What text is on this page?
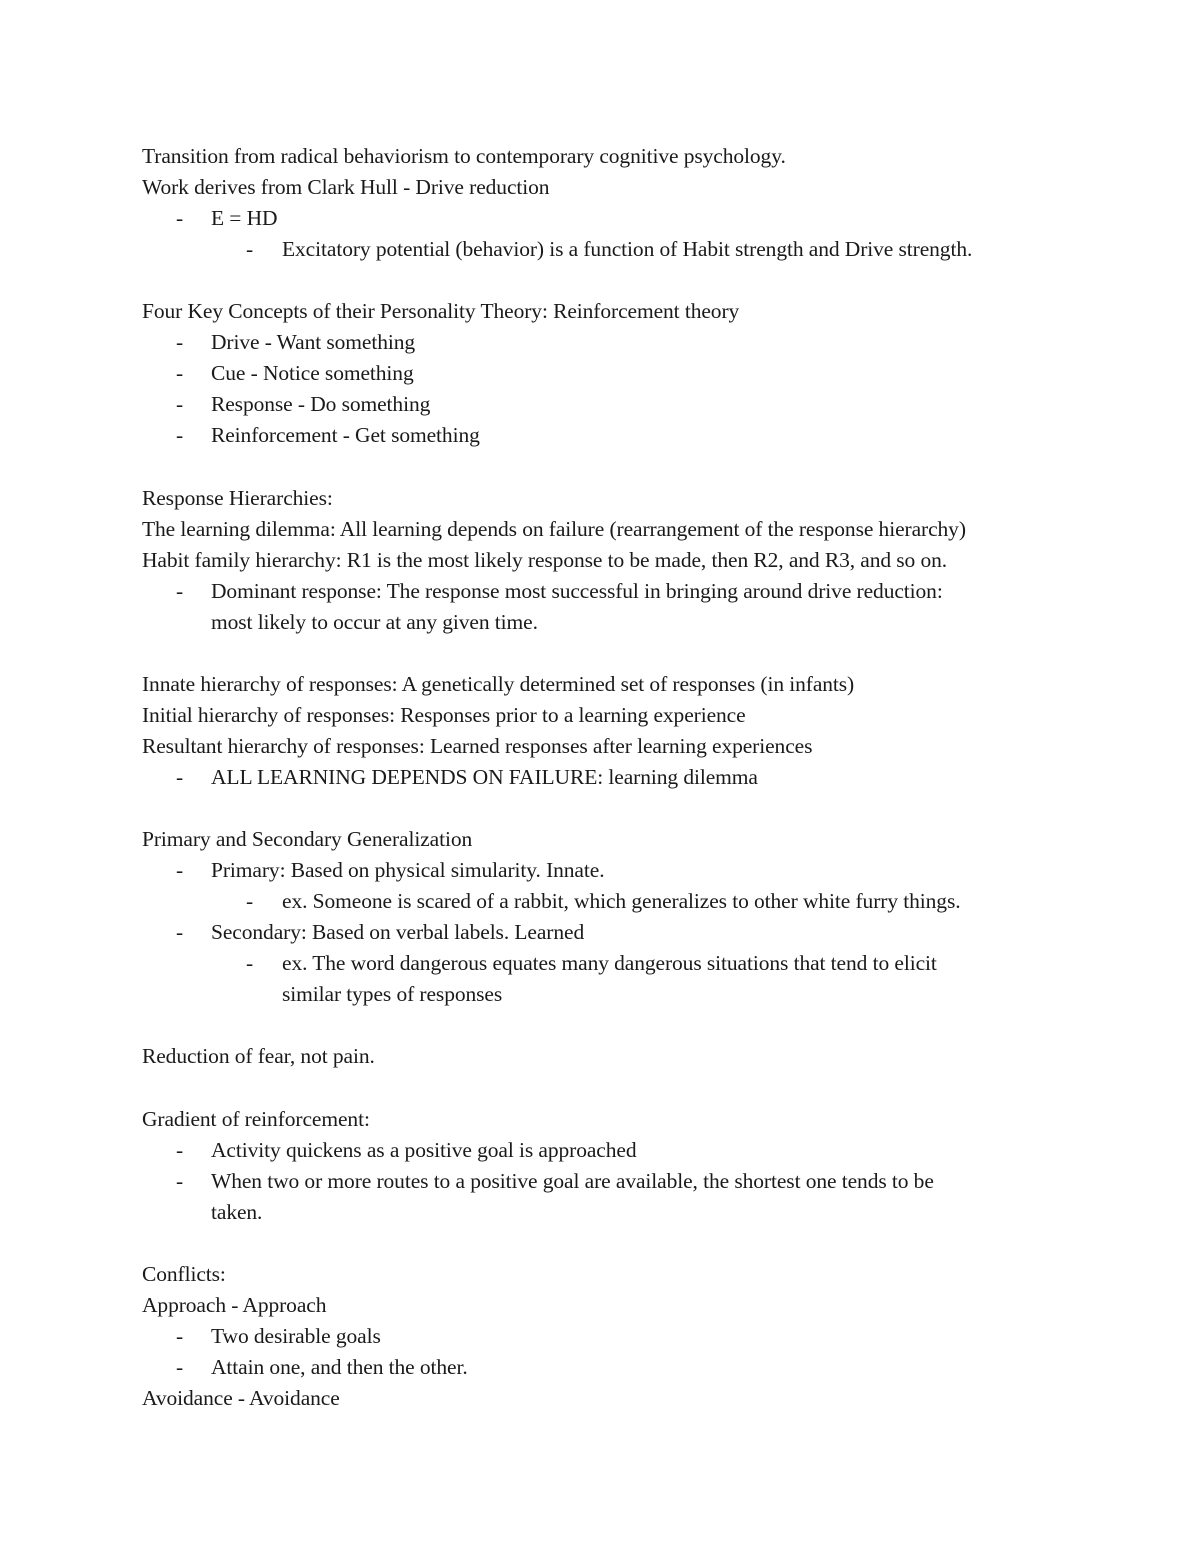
Transition from radical behaviorism to contemporary cognitive psychology.
Work derives from Clark Hull - Drive reduction
- E = HD
- Excitatory potential (behavior) is a function of Habit strength and Drive strength.
Four Key Concepts of their Personality Theory: Reinforcement theory
- Drive - Want something
- Cue - Notice something
- Response - Do something
- Reinforcement - Get something
Response Hierarchies:
The learning dilemma: All learning depends on failure (rearrangement of the response hierarchy)
Habit family hierarchy: R1 is the most likely response to be made, then R2, and R3, and so on.
- Dominant response: The response most successful in bringing around drive reduction:
most likely to occur at any given time.
Innate hierarchy of responses: A genetically determined set of responses (in infants)
Initial hierarchy of responses: Responses prior to a learning experience
Resultant hierarchy of responses: Learned responses after learning experiences
- ALL LEARNING DEPENDS ON FAILURE: learning dilemma
Primary and Secondary Generalization
- Primary: Based on physical simularity. Innate.
- ex. Someone is scared of a rabbit, which generalizes to other white furry things.
- Secondary: Based on verbal labels. Learned
- ex. The word dangerous equates many dangerous situations that tend to elicit
similar types of responses
Reduction of fear, not pain.
Gradient of reinforcement:
- Activity quickens as a positive goal is approached
- When two or more routes to a positive goal are available, the shortest one tends to be
taken.
Conflicts:
Approach - Approach
- Two desirable goals
- Attain one, and then the other.
Avoidance - Avoidance
